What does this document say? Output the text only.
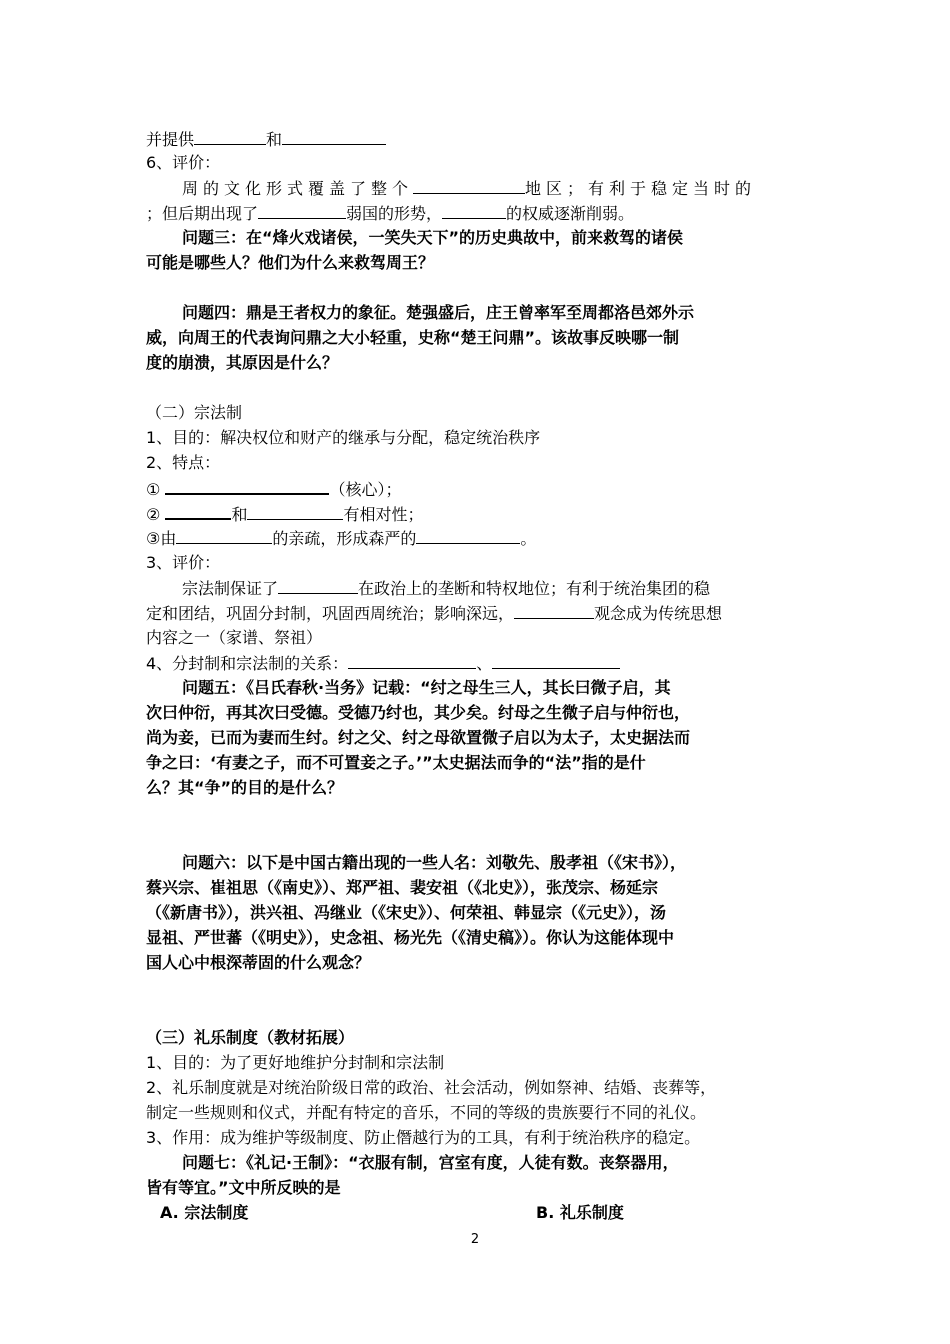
并提供	和
6、评价：
周的文化形式覆盖了整个	地区；有利于稳定当时的
；但后期出现了	弱国的形势，	的权威逐渐削弱。
问题三：在“烽火戏诸侯，一笑失天下”的历史典故中，前来救驾的诸侯
可能是哪些人？他们为什么来救驾周王？
问题四：鼎是王者权力的象征。楚强盛后，庄王曾率军至周都洛邑郊外示
威，向周王的代表询问鼎之大小轻重，史称“楚王问鼎”。该故事反映哪一制
度的崩溃，其原因是什么？
（二）宗法制
1、目的：解决权位和财产的继承与分配，稳定统治秩序
2、特点：
①	（核心）；
②	和	有相对性；
③由	的亲疏，形成森严的	。
3、评价：
宗法制保证了	在政治上的垄断和特权地位；有利于统治集团的稳
定和团结，巩固分封制，巩固西周统治；影响深远，	观念成为传统思想
内容之一（家谱、祭祖）
4、分封制和宗法制的关系：	、
问题五：《吕氏春秋·当务》记载：“纣之母生三人，其长曰微子启，其
次曰仲衍，再其次曰受德。受德乃纣也，其少矣。纣母之生微子启与仲衍也，
尚为妾，已而为妻而生纣。纣之父、纣之母欲置微子启以为太子，太史据法而
争之曰：‘有妻之子，而不可置妾之子。’”太史据法而争的“法”指的是什
么？其“争”的目的是什么？
问题六：以下是中国古籍出现的一些人名：刘敬先、殷孝祖（《宋书》），
蔡兴宗、崔祖思（《南史》）、郑严祖、裴安祖（《北史》），张茂宗、杨延宗
（《新唐书》），洪兴祖、冯继业（《宋史》）、何荣祖、韩显宗（《元史》），汤
显祖、严世蕃（《明史》），史念祖、杨光先（《清史稿》）。你认为这能体现中
国人心中根深蒂固的什么观念？
（三）礼乐制度（教材拓展）
1、目的：为了更好地维护分封制和宗法制
2、礼乐制度就是对统治阶级日常的政治、社会活动，例如祭神、结婚、丧葬等，
制定一些规则和仪式，并配有特定的音乐，不同的等级的贵族要行不同的礼仪。
3、作用：成为维护等级制度、防止僭越行为的工具，有利于统治秩序的稳定。
问题七：《礼记·王制》：“衣服有制，宫室有度，人徒有数。丧祭器用，
皆有等宜。”文中所反映的是
A. 宗法制度	B. 礼乐制度
2
